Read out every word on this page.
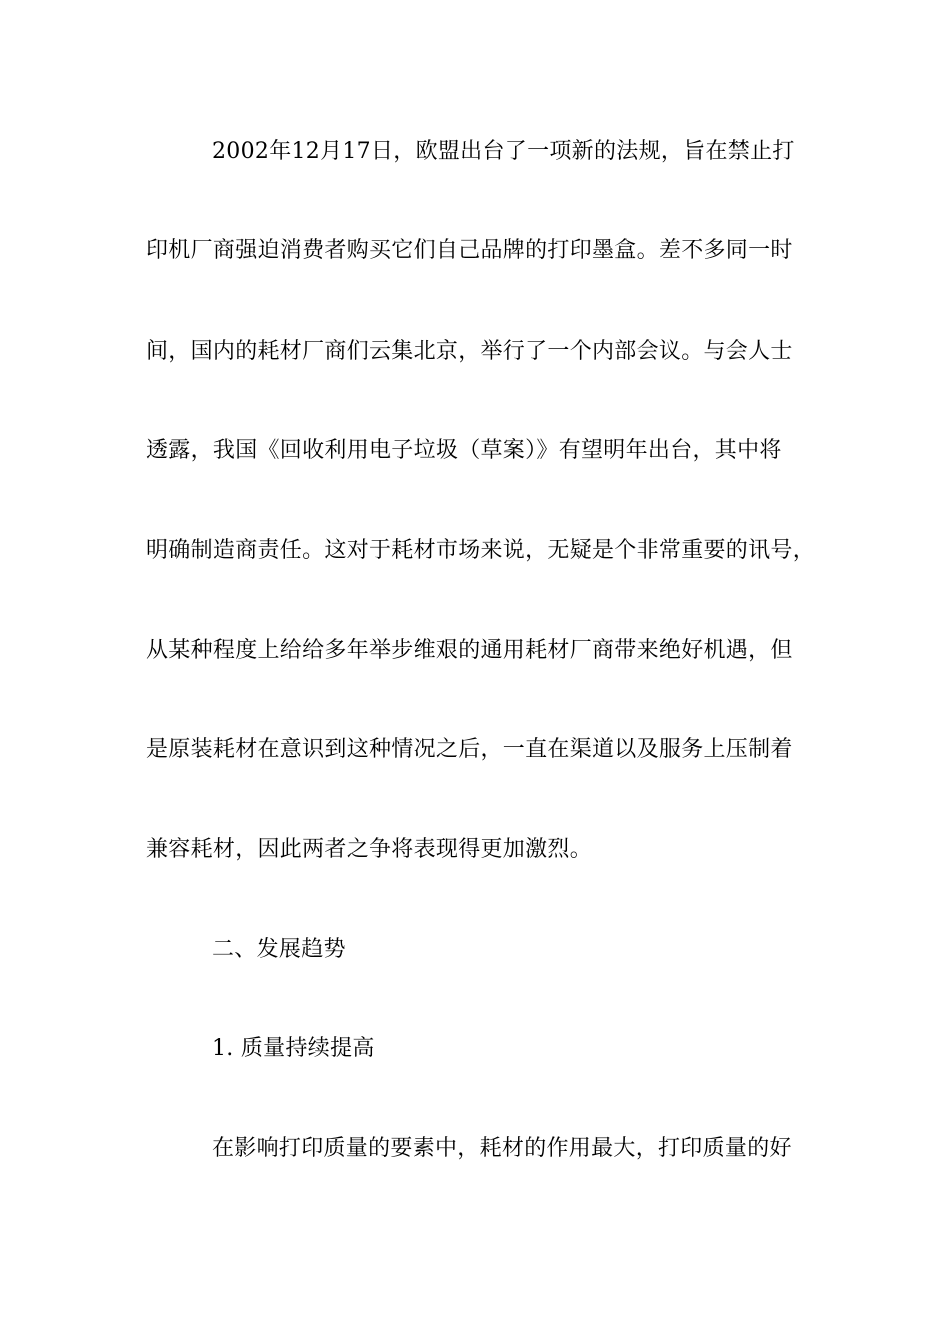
2002年12月17日，欧盟出台了一项新的法规，旨在禁止打
印机厂商强迫消费者购买它们自己品牌的打印墨盒。差不多同一时
间，国内的耗材厂商们云集北京，举行了一个内部会议。与会人士
透露，我国《回收利用电子垃圾（草案）》有望明年出台，其中将
明确制造商责任。这对于耗材市场来说，无疑是个非常重要的讯号，
从某种程度上给给多年举步维艰的通用耗材厂商带来绝好机遇，但
是原装耗材在意识到这种情况之后，一直在渠道以及服务上压制着
兼容耗材，因此两者之争将表现得更加激烈。
二、发展趋势
1. 质量持续提高
在影响打印质量的要素中，耗材的作用最大，打印质量的好
